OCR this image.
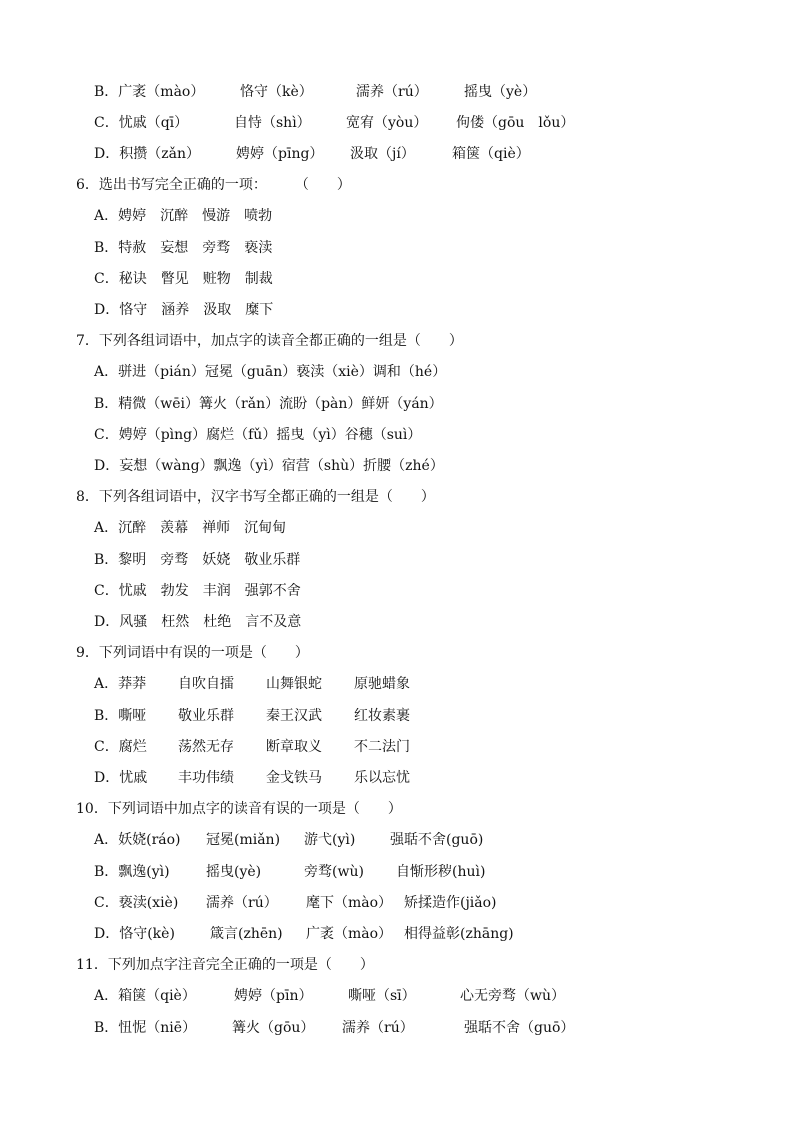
B．广袤（mào）	恪守（kè）	濡养（rú）	摇曳（yè）
C．忧戚（qī）	自恃（shì）	宽宥（yòu） 佝偻（gōu　lǒu）
D．积攒（zǎn）	娉婷（pīng） 汲取（jí）	箱箧（qiè）
6．选出书写完全正确的一项：　　　（　　）
A．娉婷　沉醉　慢游　喷勃
B．特赦　妄想　旁骛　亵渎
C．秘诀　瞥见　赃物　制裁
D．恪守　涵养　汲取　糜下
7．下列各组词语中，加点字的读音全都正确的一组是（　　）
A．骈进（pián）冠冕（guān）亵渎（xiè）调和（hé）
B．精微（wēi）篝火（rǎn）流盼（pàn）鲜妍（yán）
C．娉婷（pìng）腐烂（fǔ）摇曳（yì）谷穗（suì）
D．妄想（wàng）飘逸（yì）宿营（shù）折腰（zhé）
8．下列各组词语中，汉字书写全都正确的一组是（　　）
A．沉醉　羡幕　禅师　沉甸甸
B．黎明　旁骛　妖娆　敬业乐群
C．忧戚　勃发　丰润　强郭不舍
D．风骚　枉然　杜绝　言不及意
9．下列词语中有误的一项是（　　）
A．莽莽 自吹自擂 山舞银蛇 原驰蜡象
B．嘶哑 敬业乐群 秦王汉武 红妆素裹
C．腐烂 荡然无存 断章取义 不二法门
D．忧戚 丰功伟绩 金戈铁马 乐以忘忧
10．下列词语中加点字的读音有误的一项是（　　）
A．妖娆(ráo) 冠冕(miǎn) 游弋(yì) 强聒不舍(guō)
B．飘逸(yì)	摇曳(yè)	旁骛(wù) 自惭形秽(huì)
C．亵渎(xiè) 濡养（rú） 麾下（mào） 矫揉造作(jiǎo)
D．恪守(kè)	箴言(zhēn) 广袤（mào） 相得益彰(zhāng)
11．下列加点字注音完全正确的一项是（　　）
A．箱箧（qiè）	娉婷（pīn）	嘶哑（sī）	心无旁骛（wù）
B．忸怩（niē）	篝火（gōu） 濡养（rú）	强聒不舍（guō）
